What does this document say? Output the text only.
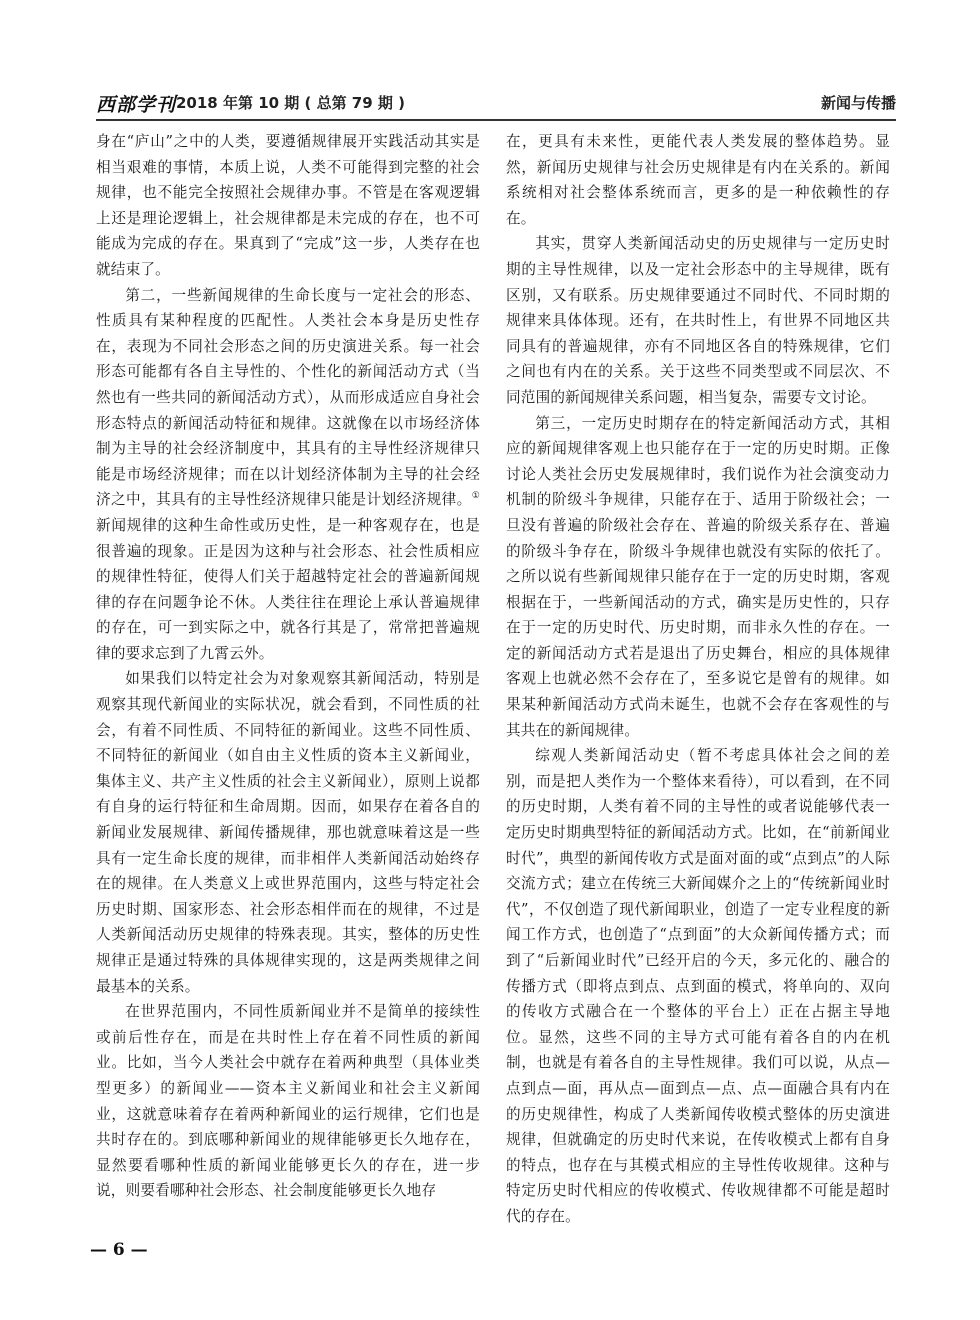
西部学刊 2018 年第 10 期 ( 总第 79 期 )	新闻与传播

身在“庐山”之中的人类，要遵循规律展开实践活动其实是相当艰难的事情，本质上说，人类不可能得到完整的社会规律，也不能完全按照社会规律办事。不管是在客观逻辑上还是理论逻辑上，社会规律都是未完成的存在，也不可能成为完成的存在。果真到了“完成”这一步，人类存在也就结束了。

第二，一些新闻规律的生命长度与一定社会的形态、性质具有某种程度的匹配性。人类社会本身是历史性存在，表现为不同社会形态之间的历史演进关系。每一社会形态可能都有各自主导性的、个性化的新闻活动方式（当然也有一些共同的新闻活动方式），从而形成适应自身社会形态特点的新闻活动特征和规律。这就像在以市场经济体制为主导的社会经济制度中，其具有的主导性经济规律只能是市场经济规律；而在以计划经济体制为主导的社会经济之中，其具有的主导性经济规律只能是计划经济规律。①新闻规律的这种生命性或历史性，是一种客观存在，也是很普遍的现象。正是因为这种与社会形态、社会性质相应的规律性特征，使得人们关于超越特定社会的普遍新闻规律的存在问题争论不休。人类往往在理论上承认普遍规律的存在，可一到实际之中，就各行其是了，常常把普遍规律的要求忘到了九霄云外。

如果我们以特定社会为对象观察其新闻活动，特别是观察其现代新闻业的实际状况，就会看到，不同性质的社会，有着不同性质、不同特征的新闻业。这些不同性质、不同特征的新闻业（如自由主义性质的资本主义新闻业，集体主义、共产主义性质的社会主义新闻业），原则上说都有自身的运行特征和生命周期。因而，如果存在着各自的新闻业发展规律、新闻传播规律，那也就意味着这是一些具有一定生命长度的规律，而非相伴人类新闻活动始终存在的规律。在人类意义上或世界范围内，这些与特定社会历史时期、国家形态、社会形态相伴而在的规律，不过是人类新闻活动历史规律的特殊表现。其实，整体的历史性规律正是通过特殊的具体规律实现的，这是两类规律之间最基本的关系。

在世界范围内，不同性质新闻业并不是简单的接续性或前后性存在，而是在共时性上存在着不同性质的新闻业。比如，当今人类社会中就存在着两种典型（具体业类型更多）的新闻业——资本主义新闻业和社会主义新闻业，这就意味着存在着两种新闻业的运行规律，它们也是共时存在的。到底哪种新闻业的规律能够更长久地存在，显然要看哪种性质的新闻业能够更长久的存在，进一步说，则要看哪种社会形态、社会制度能够更长久地存

在，更具有未来性，更能代表人类发展的整体趋势。显然，新闻历史规律与社会历史规律是有内在关系的。新闻系统相对社会整体系统而言，更多的是一种依赖性的存在。

其实，贯穿人类新闻活动史的历史规律与一定历史时期的主导性规律，以及一定社会形态中的主导规律，既有区别，又有联系。历史规律要通过不同时代、不同时期的规律来具体体现。还有，在共时性上，有世界不同地区共同具有的普遍规律，亦有不同地区各自的特殊规律，它们之间也有内在的关系。关于这些不同类型或不同层次、不同范围的新闻规律关系问题，相当复杂，需要专文讨论。

第三，一定历史时期存在的特定新闻活动方式，其相应的新闻规律客观上也只能存在于一定的历史时期。正像讨论人类社会历史发展规律时，我们说作为社会演变动力机制的阶级斗争规律，只能存在于、适用于阶级社会；一旦没有普遍的阶级社会存在、普遍的阶级关系存在、普遍的阶级斗争存在，阶级斗争规律也就没有实际的依托了。之所以说有些新闻规律只能存在于一定的历史时期，客观根据在于，一些新闻活动的方式，确实是历史性的，只存在于一定的历史时代、历史时期，而非永久性的存在。一定的新闻活动方式若是退出了历史舞台，相应的具体规律客观上也就必然不会存在了，至多说它是曾有的规律。如果某种新闻活动方式尚未诞生，也就不会存在客观性的与其共在的新闻规律。

综观人类新闻活动史（暂不考虑具体社会之间的差别，而是把人类作为一个整体来看待），可以看到，在不同的历史时期，人类有着不同的主导性的或者说能够代表一定历史时期典型特征的新闻活动方式。比如，在“前新闻业时代”，典型的新闻传收方式是面对面的或“点到点”的人际交流方式；建立在传统三大新闻媒介之上的“传统新闻业时代”，不仅创造了现代新闻职业，创造了一定专业程度的新闻工作方式，也创造了“点到面”的大众新闻传播方式；而到了“后新闻业时代”已经开启的今天，多元化的、融合的传播方式（即将点到点、点到面的模式，将单向的、双向的传收方式融合在一个整体的平台上）正在占据主导地位。显然，这些不同的主导方式可能有着各自的内在机制，也就是有着各自的主导性规律。我们可以说，从点—点到点—面，再从点—面到点—点、点—面融合具有内在的历史规律性，构成了人类新闻传收模式整体的历史演进规律，但就确定的历史时代来说，在传收模式上都有自身的特点，也存在与其模式相应的主导性传收规律。这种与特定历史时代相应的传收模式、传收规律都不可能是超时代的存在。

— 6 —
